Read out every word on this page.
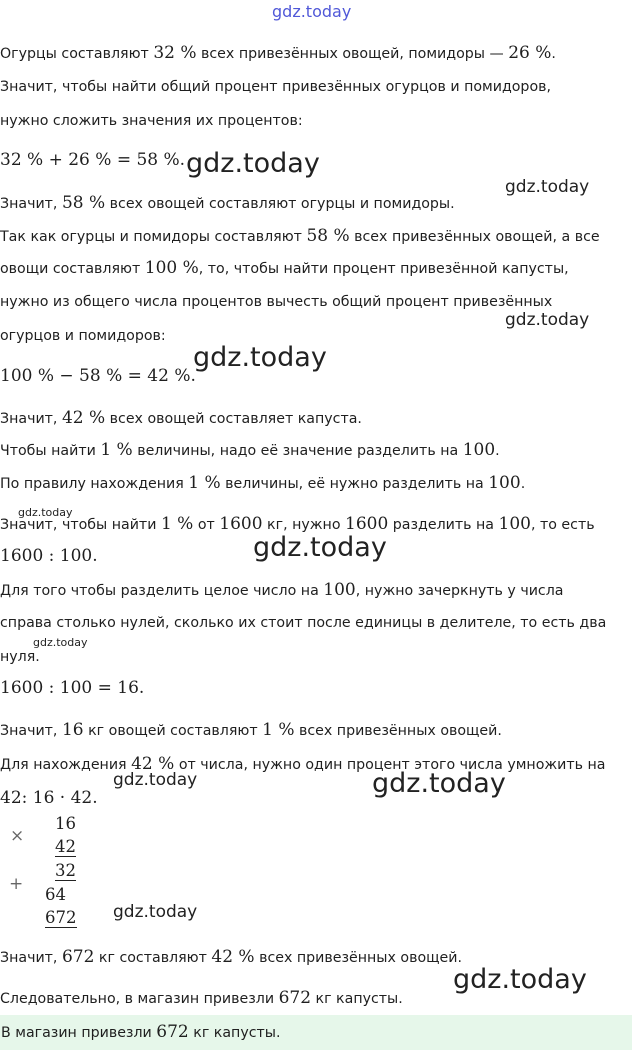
Огурцы составляют 32 % всех привезённых овощей, помидоры — 26 %.
Значит, чтобы найти общий процент привезённых огурцов и помидоров,
нужно сложить значения их процентов:
32 % + 26 % = 58 %.
Значит, 58 % всех овощей составляют огурцы и помидоры.
Так как огурцы и помидоры составляют 58 % всех привезённых овощей, а все
овощи составляют 100 %, то, чтобы найти процент привезённой капусты,
нужно из общего числа процентов вычесть общий процент привезённых
огурцов и помидоров:
100 % − 58 % = 42 %.
Значит, 42 % всех овощей составляет капуста.
Чтобы найти 1 % величины, надо её значение разделить на 100.
По правилу нахождения 1 % величины, её нужно разделить на 100.
Значит, чтобы найти 1 % от 1600 кг, нужно 1600 разделить на 100, то есть
1600 : 100.
Для того чтобы разделить целое число на 100, нужно зачеркнуть у числа
справа столько нулей, сколько их стоит после единицы в делителе, то есть два
нуля.
1600 : 100 = 16.
Значит, 16 кг овощей составляют 1 % всех привезённых овощей.
Для нахождения 42 % от числа, нужно один процент этого числа умножить на
42: 16 · 42.
Значит, 672 кг составляют 42 % всех привезённых овощей.
Следовательно, в магазин привезли 672 кг капусты.
16
42
32
64
672
×
+
В магазин привезли 672 кг капусты.
gdz.today
gdz.today
gdz.today
gdz.today
gdz.today
gdz.today
gdz.today
gdz.today
gdz.today	gdz.today
gdz.today
gdz.today
